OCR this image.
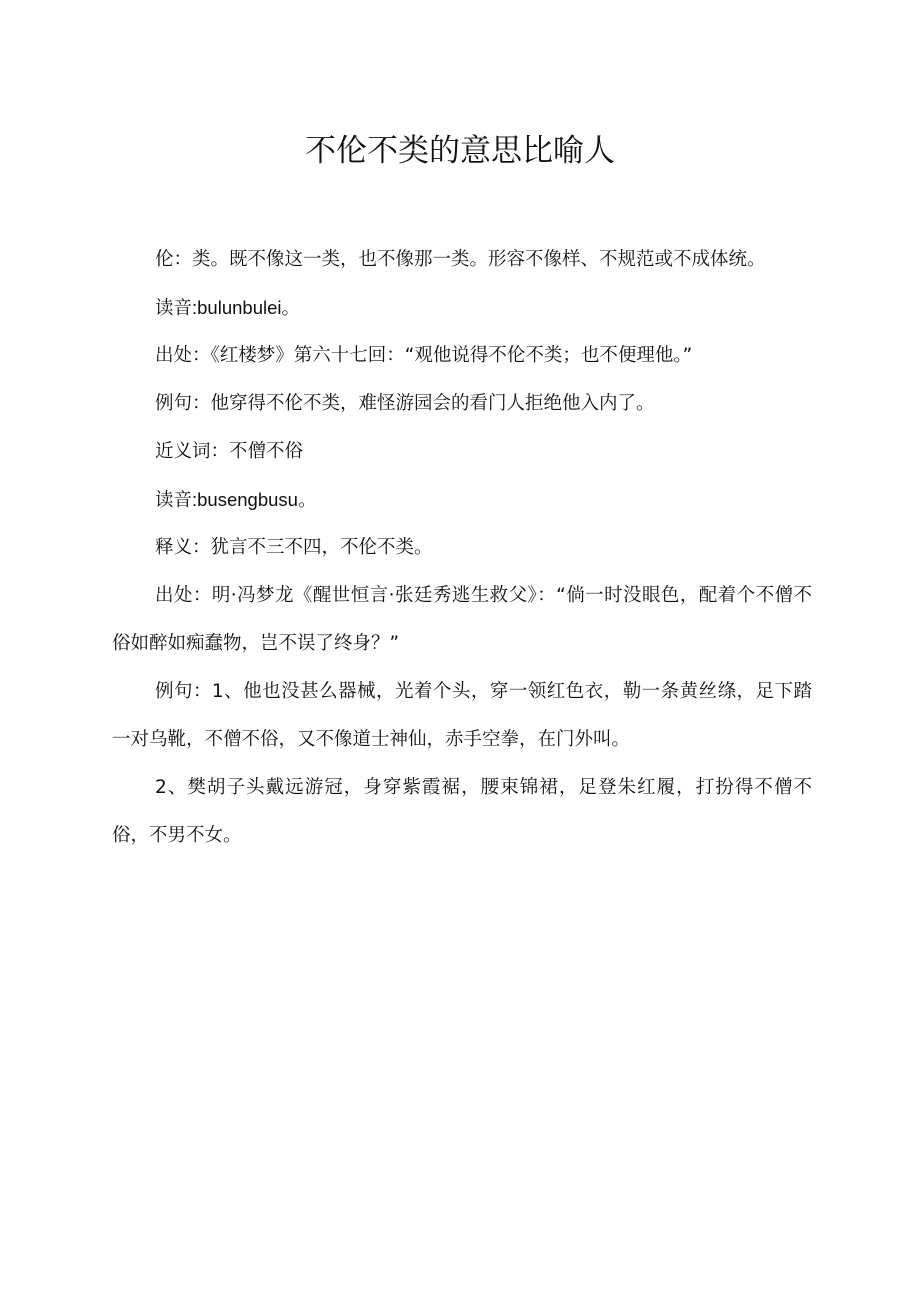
不伦不类的意思比喻人

伦：类。既不像这一类，也不像那一类。形容不像样、不规范或不成体统。

读音:bulunbulei。

出处：《红楼梦》第六十七回：“观他说得不伦不类；也不便理他。”

例句：他穿得不伦不类，难怪游园会的看门人拒绝他入内了。

近义词：不僧不俗

读音:busengbusu。

释义：犹言不三不四，不伦不类。

出处：明·冯梦龙《醒世恒言·张廷秀逃生救父》：“倘一时没眼色，配着个不僧不俗如醉如痴蠢物，岂不误了终身？”

例句：1、他也没甚么器械，光着个头，穿一领红色衣，勒一条黄丝绦，足下踏一对乌靴，不僧不俗，又不像道士神仙，赤手空拳，在门外叫。

2、樊胡子头戴远游冠，身穿紫霞裾，腰束锦裙，足登朱红履，打扮得不僧不俗，不男不女。
